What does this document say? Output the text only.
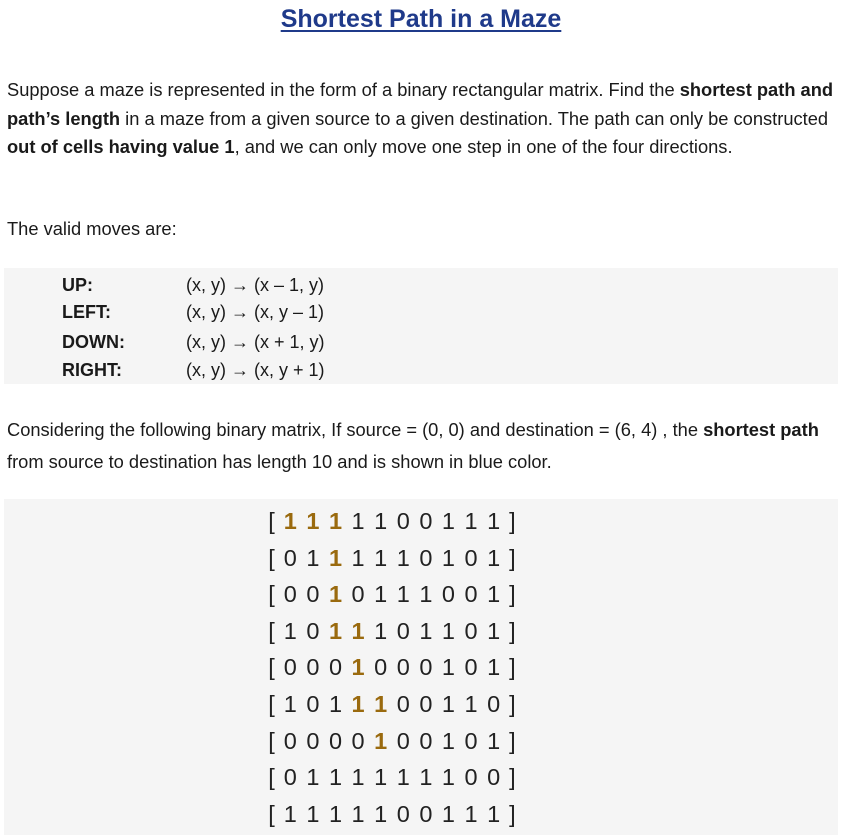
Shortest Path in a Maze
Suppose a maze is represented in the form of a binary rectangular matrix. Find the shortest path and path’s length in a maze from a given source to a given destination. The path can only be constructed out of cells having value 1, and we can only move one step in one of the four directions.
The valid moves are:
UP:	(x, y) → (x – 1, y)
LEFT:	(x, y) → (x, y – 1)
DOWN:	(x, y) → (x + 1, y)
RIGHT:	(x, y) → (x, y + 1)
Considering the following binary matrix, If source = (0, 0) and destination = (6, 4) , the shortest path from source to destination has length 10 and is shown in blue color.
[ 1 1 1 1 1 0 0 1 1 1 ]
[ 0 1 1 1 1 1 0 1 0 1 ]
[ 0 0 1 0 1 1 1 0 0 1 ]
[ 1 0 1 1 1 0 1 1 0 1 ]
[ 0 0 0 1 0 0 0 1 0 1 ]
[ 1 0 1 1 1 0 0 1 1 0 ]
[ 0 0 0 0 1 0 0 1 0 1 ]
[ 0 1 1 1 1 1 1 1 0 0 ]
[ 1 1 1 1 1 0 0 1 1 1 ]
